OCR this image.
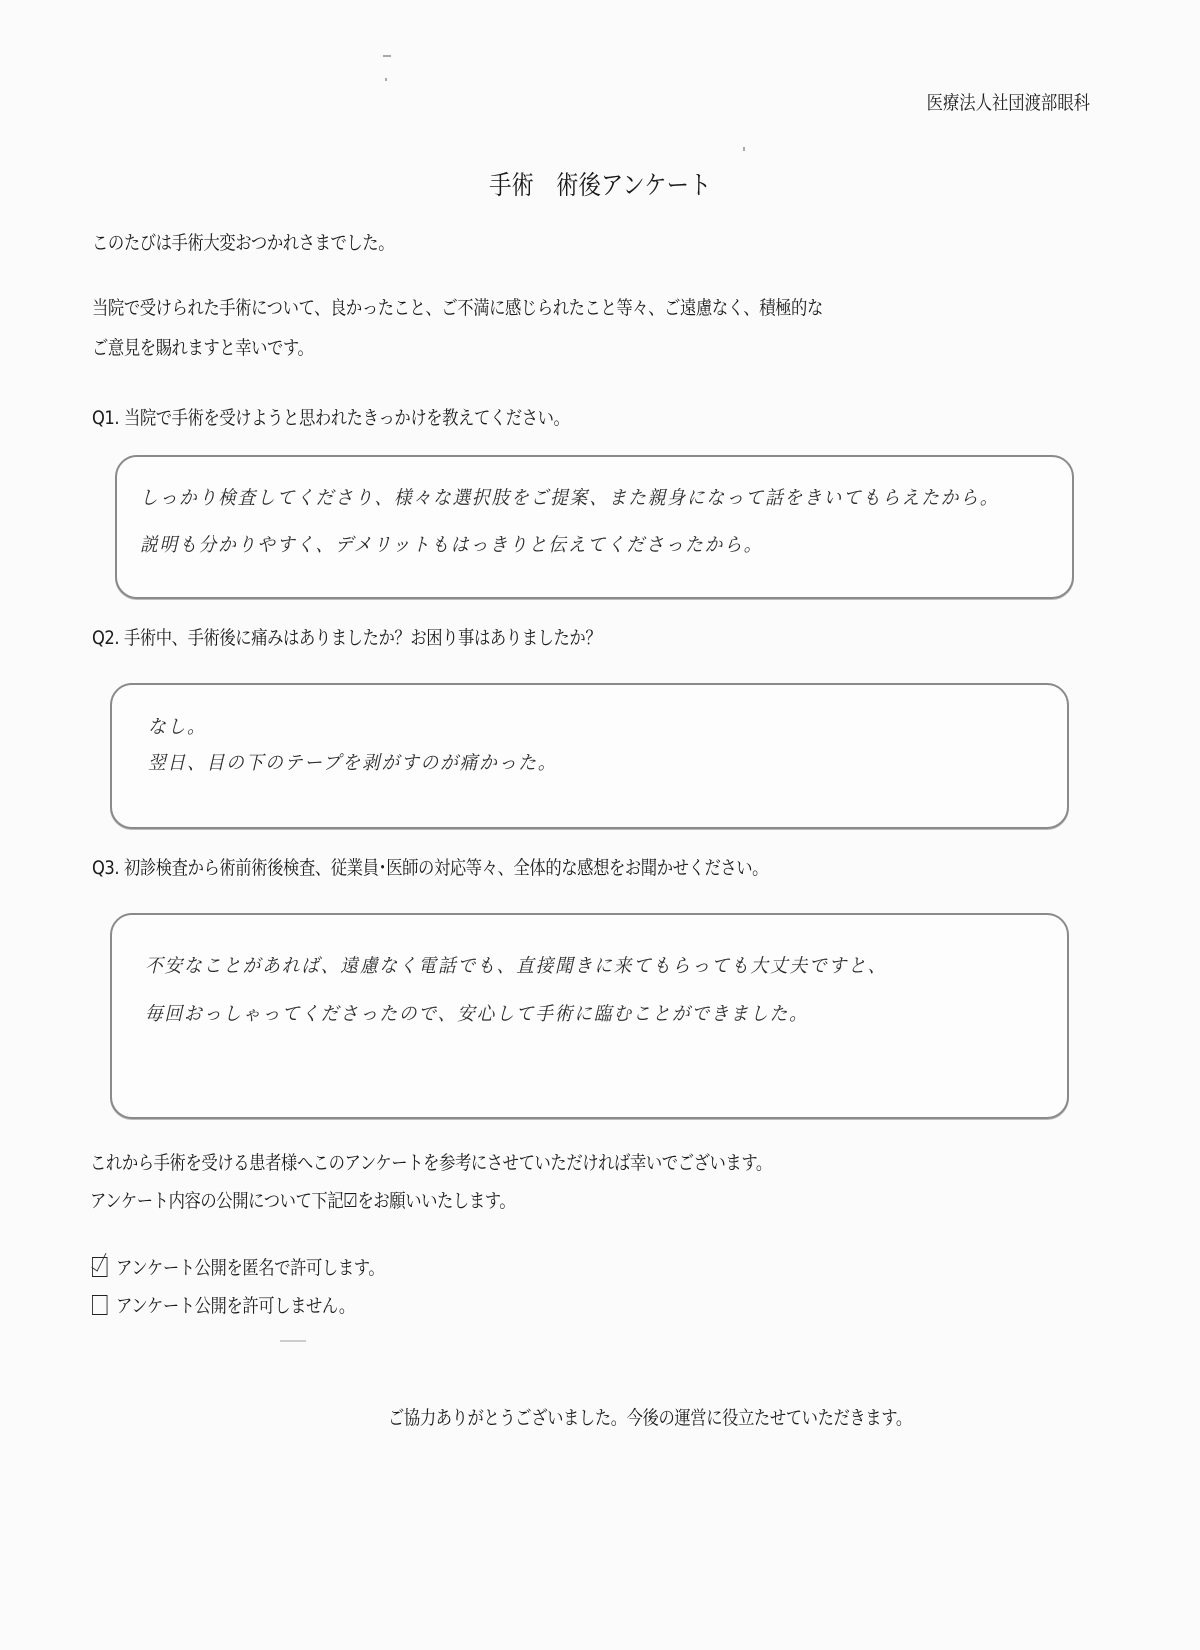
医療法人社団渡部眼科
手術　術後アンケート
このたびは手術大変おつかれさまでした。
当院で受けられた手術について、良かったこと、ご不満に感じられたこと等々、ご遠慮なく、積極的な
ご意見を賜れますと幸いです。
Q1. 当院で手術を受けようと思われたきっかけを教えてください。
しっかり検査してくださり、様々な選択肢をご提案、また親身になって話をきいてもらえたから。
説明も分かりやすく、デメリットもはっきりと伝えてくださったから。
Q2. 手術中、手術後に痛みはありましたか？お困り事はありましたか？
なし。
翌日、目の下のテープを剥がすのが痛かった。
Q3. 初診検査から術前術後検査、従業員･医師の対応等々、全体的な感想をお聞かせください。
不安なことがあれば、遠慮なく電話でも、直接聞きに来てもらっても大丈夫ですと、
毎回おっしゃってくださったので、安心して手術に臨むことができました。
これから手術を受ける患者様へこのアンケートを参考にさせていただければ幸いでございます。
アンケート内容の公開について下記☑をお願いいたします。
アンケート公開を匿名で許可します。
アンケート公開を許可しません。
ご協力ありがとうございました。今後の運営に役立たせていただきます。
